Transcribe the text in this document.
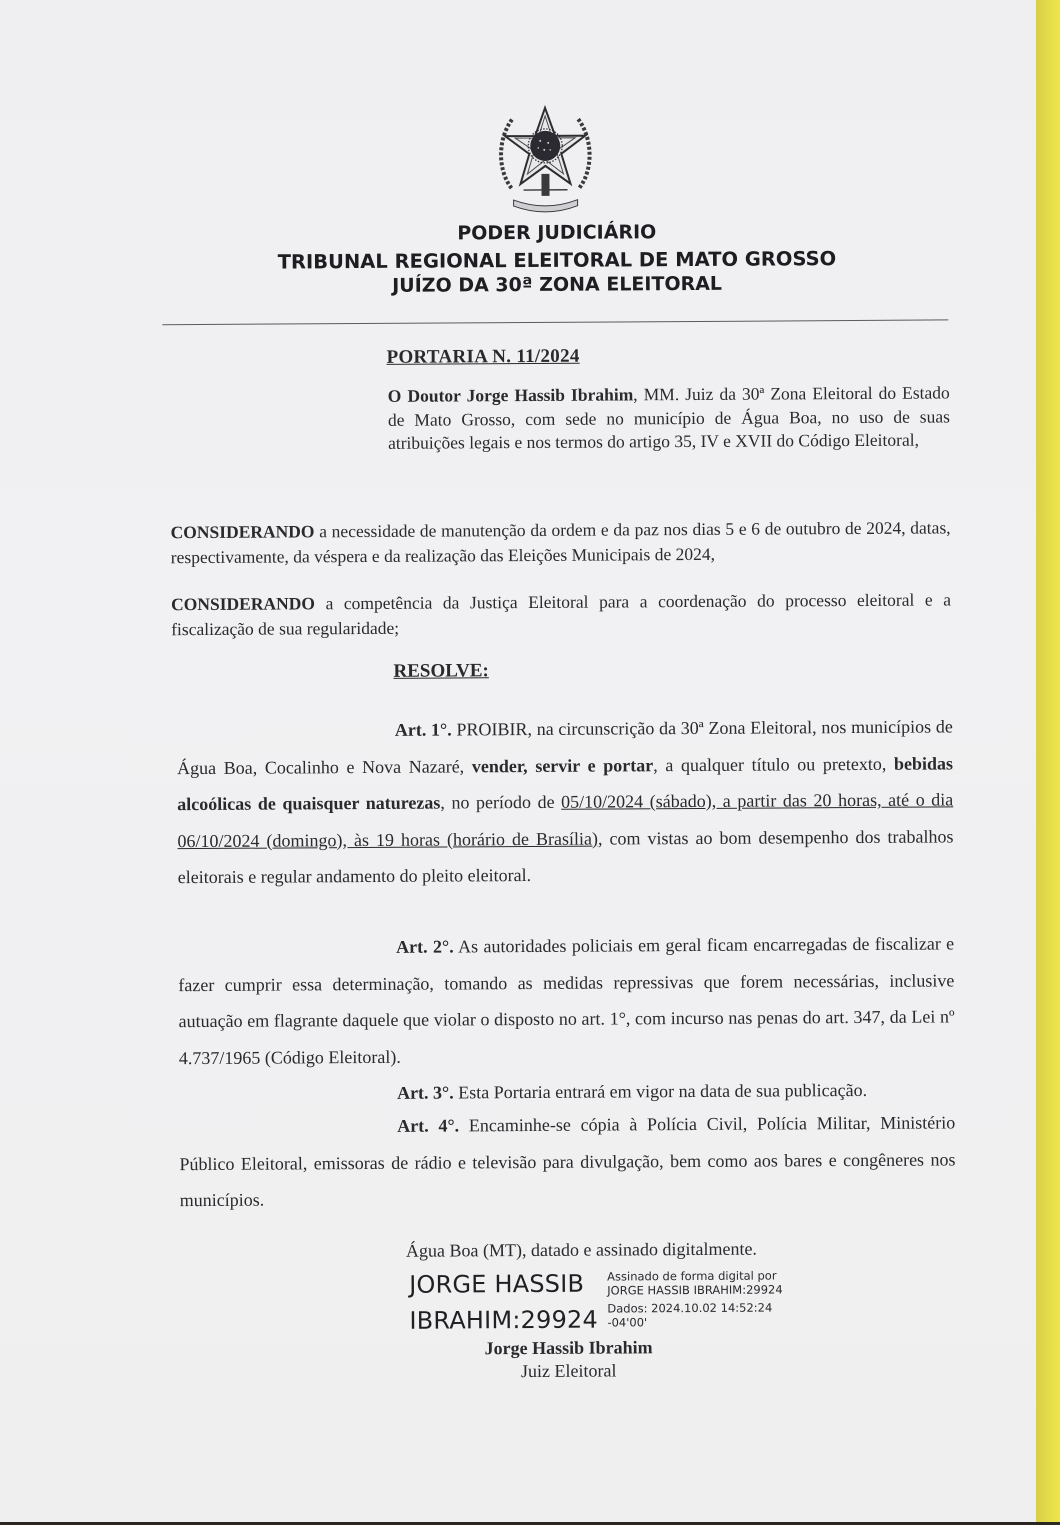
PODER JUDICIÁRIO
TRIBUNAL REGIONAL ELEITORAL DE MATO GROSSO
JUÍZO DA 30ª ZONA ELEITORAL
PORTARIA N. 11/2024
O Doutor Jorge Hassib Ibrahim, MM. Juiz da 30ª Zona Eleitoral do Estado de Mato Grosso, com sede no município de Água Boa, no uso de suas atribuições legais e nos termos do artigo 35, IV e XVII do Código Eleitoral,
CONSIDERANDO a necessidade de manutenção da ordem e da paz nos dias 5 e 6 de outubro de 2024, datas, respectivamente, da véspera e da realização das Eleições Municipais de 2024,
CONSIDERANDO a competência da Justiça Eleitoral para a coordenação do processo eleitoral e a fiscalização de sua regularidade;
RESOLVE:
Art. 1°. PROIBIR, na circunscrição da 30ª Zona Eleitoral, nos municípios de Água Boa, Cocalinho e Nova Nazaré, vender, servir e portar, a qualquer título ou pretexto, bebidas alcoólicas de quaisquer naturezas, no período de 05/10/2024 (sábado), a partir das 20 horas, até o dia 06/10/2024 (domingo), às 19 horas (horário de Brasília), com vistas ao bom desempenho dos trabalhos eleitorais e regular andamento do pleito eleitoral.
Art. 2°. As autoridades policiais em geral ficam encarregadas de fiscalizar e fazer cumprir essa determinação, tomando as medidas repressivas que forem necessárias, inclusive autuação em flagrante daquele que violar o disposto no art. 1°, com incurso nas penas do art. 347, da Lei nº 4.737/1965 (Código Eleitoral).
Art. 3°. Esta Portaria entrará em vigor na data de sua publicação.
Art. 4°. Encaminhe-se cópia à Polícia Civil, Polícia Militar, Ministério Público Eleitoral, emissoras de rádio e televisão para divulgação, bem como aos bares e congêneres nos municípios.
Água Boa (MT), datado e assinado digitalmente.
JORGE HASSIB
IBRAHIM:29924
Assinado de forma digital por
JORGE HASSIB IBRAHIM:29924
Dados: 2024.10.02 14:52:24
-04'00'
Jorge Hassib Ibrahim
Juiz Eleitoral
